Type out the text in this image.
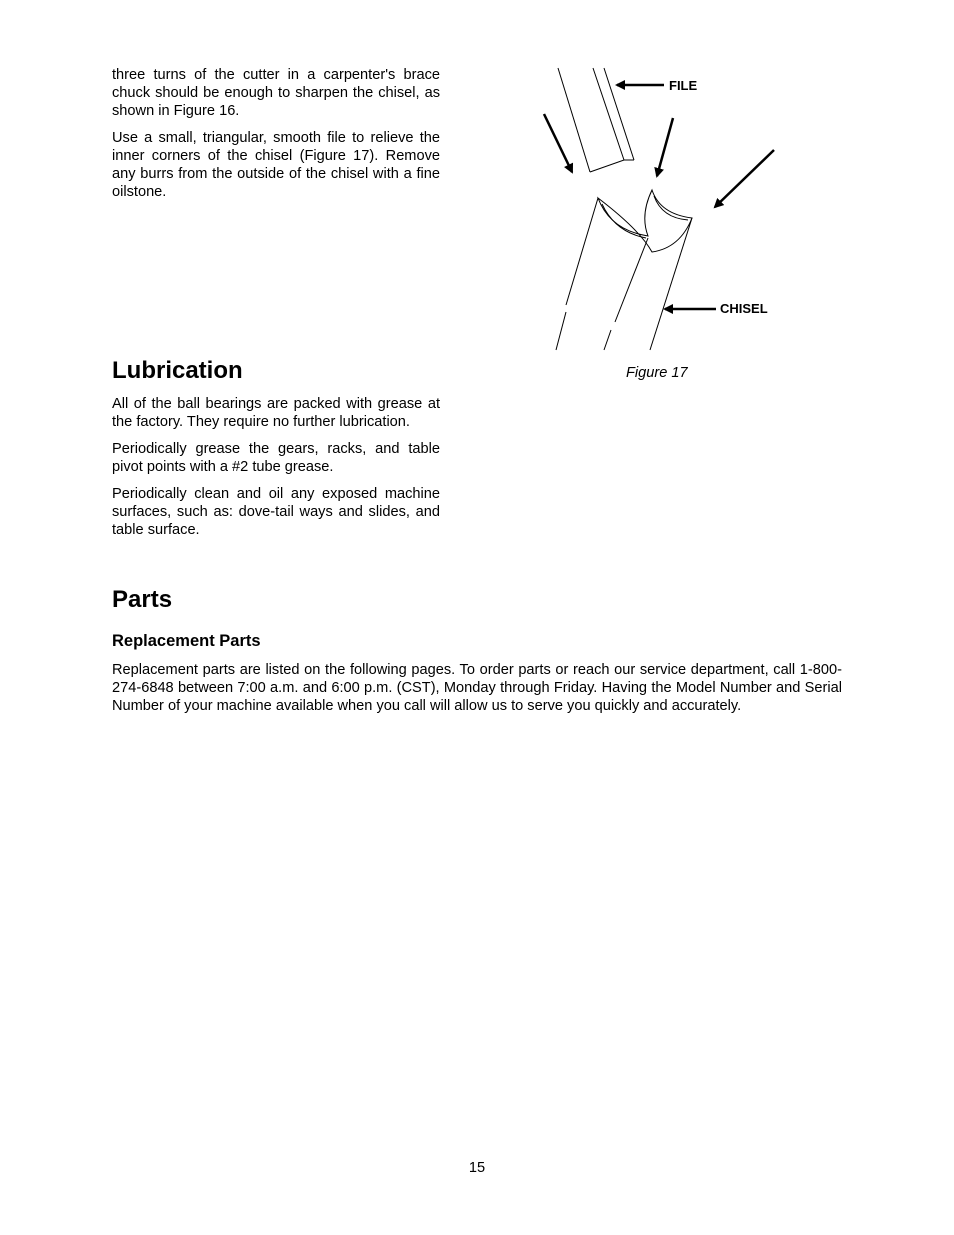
three turns of the cutter in a carpenter's brace chuck should be enough to sharpen the chisel, as shown in Figure 16.

Use a small, triangular, smooth file to relieve the inner corners of the chisel (Figure 17). Remove any burrs from the outside of the chisel with a fine oilstone.

FILE
CHISEL
Figure 17
Lubrication

All of the ball bearings are packed with grease at the factory. They require no further lubrication.

Periodically grease the gears, racks, and table pivot points with a #2 tube grease.

Periodically clean and oil any exposed machine surfaces, such as: dove-tail ways and slides, and table surface.

Parts
Replacement Parts

Replacement parts are listed on the following pages. To order parts or reach our service department, call 1-800-274-6848 between 7:00 a.m. and 6:00 p.m. (CST), Monday through Friday. Having the Model Number and Serial Number of your machine available when you call will allow us to serve you quickly and accurately.

15
